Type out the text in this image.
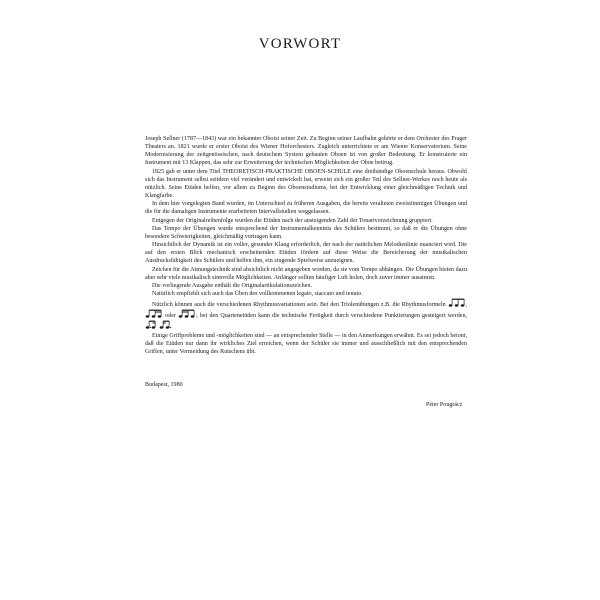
VORWORT

Joseph Sellner (1787—1843) war ein bekannter Oboist seiner Zeit. Zu Beginn seiner Laufbahn gehörte er dem Orchester des Prager Theaters an. 1821 wurde er erster Oboist des Wiener Hoforchesters. Zugleich unterrichtete er am Wiener Konservatorium. Seine Modernisierung der zeitgenössischen, nach deutschem System gebauten Oboen ist von großer Bedeutung. Er konstruierte ein Instrument mit 13 Klappen, das sehr zur Erweiterung der technischen Möglichkeiten der Oboe beitrug.

1825 gab er unter dem Titel THEORETISCH-PRAKTISCHE OBOEN-SCHULE eine dreibändige Oboenschule heraus. Obwohl sich das Instrument selbst seitdem viel verändert und entwickelt hat, erweist sich ein großer Teil des Sellner-Werkes noch heute als nützlich. Seine Etüden helfen, vor allem zu Beginn des Oboenstudiums, bei der Entwicklung einer gleichmäßigen Technik und Klangfarbe.

In dem hier vorgelegten Band wurden, im Unterschied zu früheren Ausgaben, die bereits veralteten zweistimmigen Übungen und die für die damaligen Instrumente erarbeiteten Intervallstudien weggelassen.

Entgegen der Originalreihenfolge wurden die Etüden nach der ansteigenden Zahl der Tonartvorzeichnung gruppiert.

Das Tempo der Übungen wurde entsprechend der Instrumentalkenntnis des Schülers bestimmt, so daß er die Übungen ohne besondere Schwierigkeiten, gleichmäßig vortragen kann.

Hinsichtlich der Dynamik ist ein voller, gesunder Klang erforderlich, der nach der natürlichen Melodienlinie nuanciert wird. Die auf den ersten Blick mechanisch erscheinenden Etüden fördern auf diese Weise die Bereicherung der musikalischen Ausdrucksfähigkeit des Schülers und helfen ihm, ein singende Spielweise anzueignen.

Zeichen für die Atmungstechnik sind absichtlich nicht angegeben worden, da sie vom Tempo abhängen. Die Übungen bieten dazu aber sehr viele musikalisch sinnvolle Möglichkeiten. Anfänger sollten häufiger Luft holen, doch zuver immer ausatmen.

Die vorliegende Ausgabe enthält die Originalartikulationszeichen.

Natürlich empfiehlt sich auch das Üben des vollkommenen legato, staccato und tenuto.

Nützlich können auch die verschiedenen Rhythmusvariationen sein. Bei den Triolenübungen z.B. die Rhythmusformeln	,
oder	; bei den Quartenetüden kann die technische Fertigkeit durch verschiedene Punktierungen gesteigert werden,

Einige Griffprobleme und -möglichkeiten sind — an entsprechender Stelle — in den Anmerkungen erwähnt. Es sei jedoch betont, daß die Etüden nur dann ihr wirkliches Ziel erreichen, wenn der Schüler sie immer und ausschließlich mit den entsprechenden Griffen, unter Vermeidung des Rutschens übt.

Budapest, 1980
Péter Pongrácz
